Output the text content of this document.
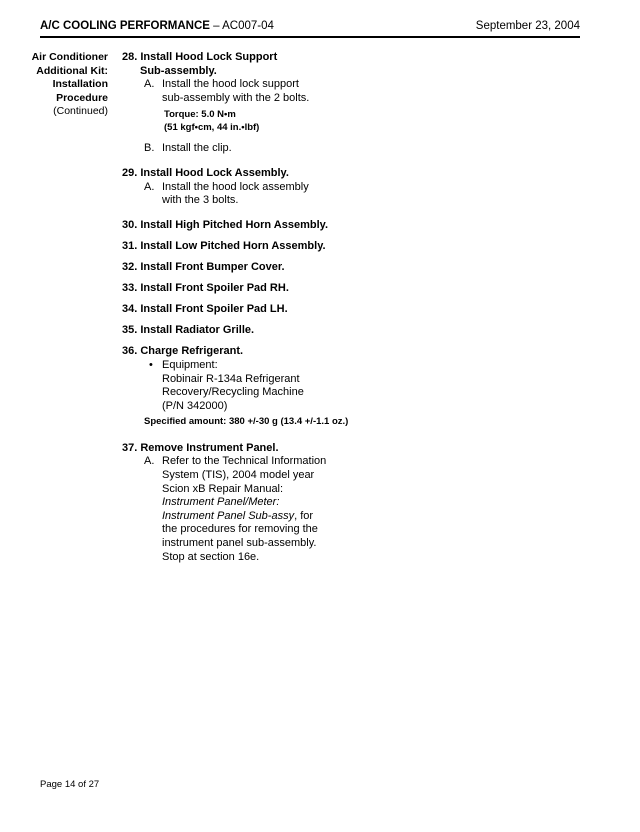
A/C COOLING PERFORMANCE – AC007-04	September 23, 2004
Air Conditioner
Additional Kit:
Installation
Procedure
(Continued)
28. Install Hood Lock Support
Sub-assembly.
A. Install the hood lock support
sub-assembly with the 2 bolts.
Torque: 5.0 N•m
(51 kgf•cm, 44 in.•lbf)
B. Install the clip.
29. Install Hood Lock Assembly.
A. Install the hood lock assembly
with the 3 bolts.
30. Install High Pitched Horn Assembly.
31. Install Low Pitched Horn Assembly.
32. Install Front Bumper Cover.
33. Install Front Spoiler Pad RH.
34. Install Front Spoiler Pad LH.
35. Install Radiator Grille.
36. Charge Refrigerant.
• Equipment:
Robinair R-134a Refrigerant
Recovery/Recycling Machine
(P/N 342000)
Specified amount: 380 +/-30 g (13.4 +/-1.1 oz.)
37. Remove Instrument Panel.
A. Refer to the Technical Information
System (TIS), 2004 model year
Scion xB Repair Manual:
Instrument Panel/Meter:
Instrument Panel Sub-assy, for
the procedures for removing the
instrument panel sub-assembly.
Stop at section 16e.
Page 14 of 27
